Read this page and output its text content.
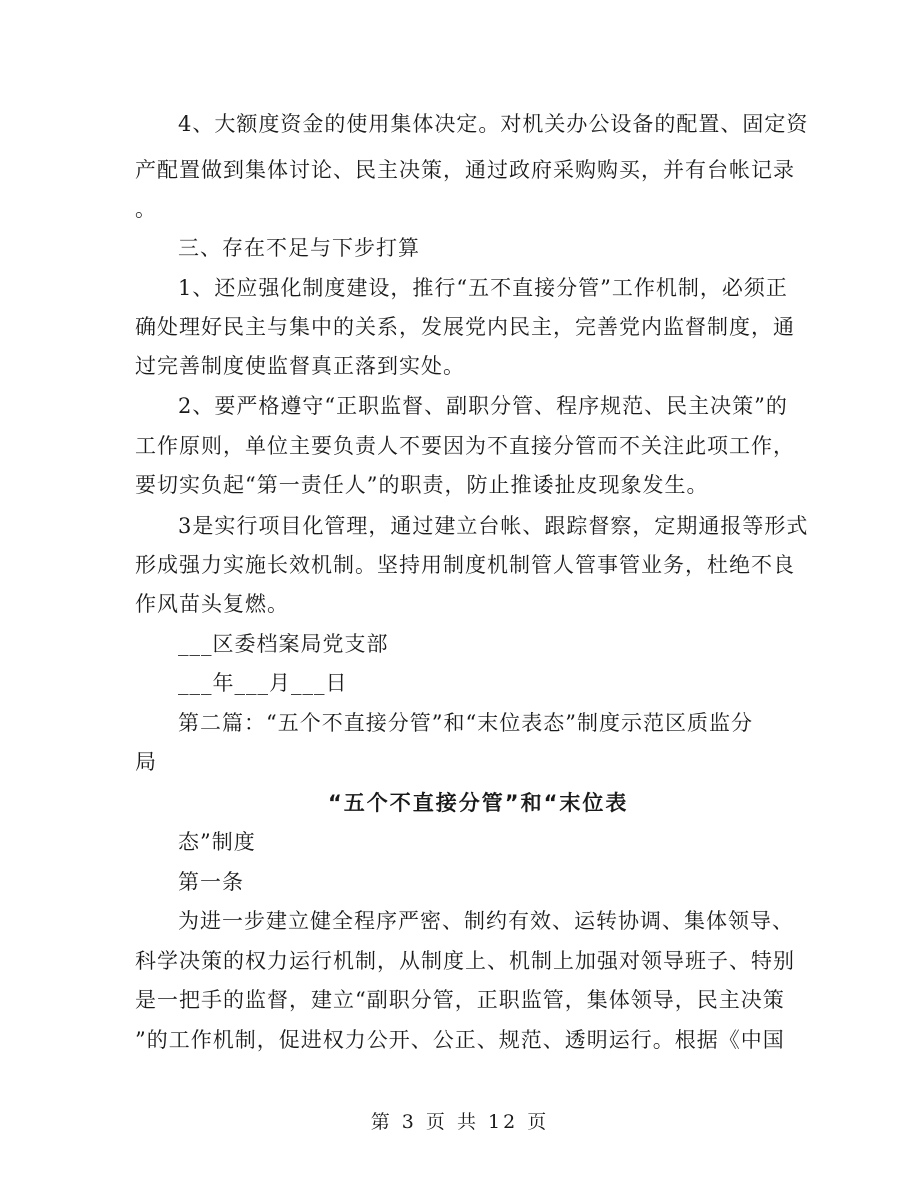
4、大额度资金的使用集体决定。对机关办公设备的配置、固定资
产配置做到集体讨论、民主决策，通过政府采购购买，并有台帐记录
。
三、存在不足与下步打算
1、还应强化制度建设，推行“五不直接分管”工作机制，必须正
确处理好民主与集中的关系，发展党内民主，完善党内监督制度，通
过完善制度使监督真正落到实处。
2、要严格遵守“正职监督、副职分管、程序规范、民主决策”的
工作原则，单位主要负责人不要因为不直接分管而不关注此项工作，
要切实负起“第一责任人”的职责，防止推诿扯皮现象发生。
3是实行项目化管理，通过建立台帐、跟踪督察，定期通报等形式
形成强力实施长效机制。坚持用制度机制管人管事管业务，杜绝不良
作风苗头复燃。
___区委档案局党支部
___年___月___日
第二篇：“五个不直接分管”和“末位表态”制度示范区质监分
局
“五个不直接分管”和“末位表
态”制度
第一条
为进一步建立健全程序严密、制约有效、运转协调、集体领导、
科学决策的权力运行机制，从制度上、机制上加强对领导班子、特别
是一把手的监督，建立“副职分管，正职监管，集体领导，民主决策
”的工作机制，促进权力公开、公正、规范、透明运行。根据《中国
第 3 页 共 12 页
